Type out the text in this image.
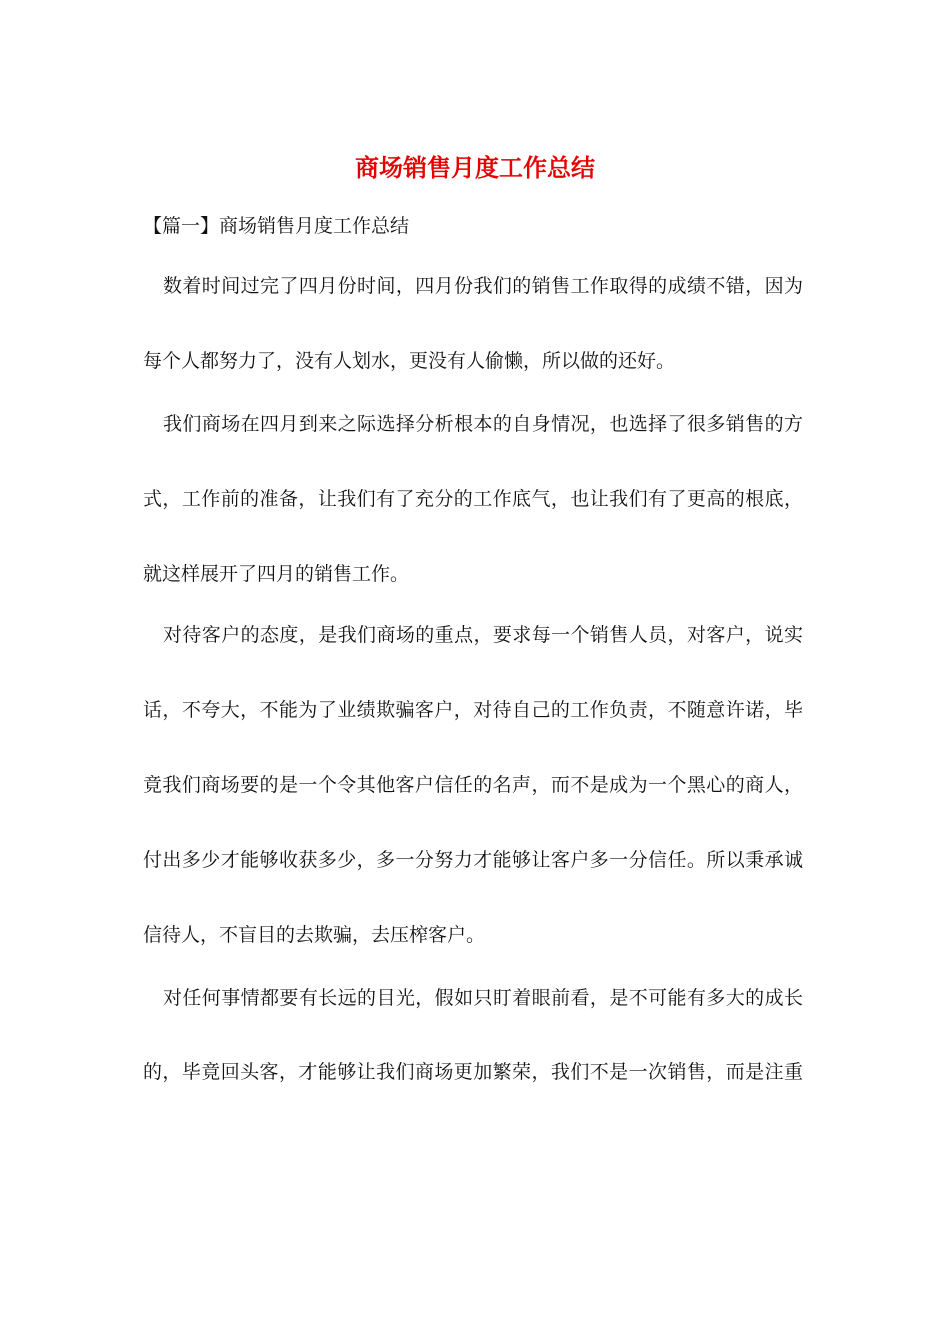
商场销售月度工作总结

【篇一】商场销售月度工作总结

数着时间过完了四月份时间，四月份我们的销售工作取得的成绩不错，因为

每个人都努力了，没有人划水，更没有人偷懒，所以做的还好。

我们商场在四月到来之际选择分析根本的自身情况，也选择了很多销售的方

式，工作前的准备，让我们有了充分的工作底气，也让我们有了更高的根底，

就这样展开了四月的销售工作。

对待客户的态度，是我们商场的重点，要求每一个销售人员，对客户，说实

话，不夸大，不能为了业绩欺骗客户，对待自己的工作负责，不随意许诺，毕

竟我们商场要的是一个令其他客户信任的名声，而不是成为一个黑心的商人，

付出多少才能够收获多少，多一分努力才能够让客户多一分信任。所以秉承诚

信待人，不盲目的去欺骗，去压榨客户。

对任何事情都要有长远的目光，假如只盯着眼前看，是不可能有多大的成长

的，毕竟回头客，才能够让我们商场更加繁荣，我们不是一次销售，而是注重
